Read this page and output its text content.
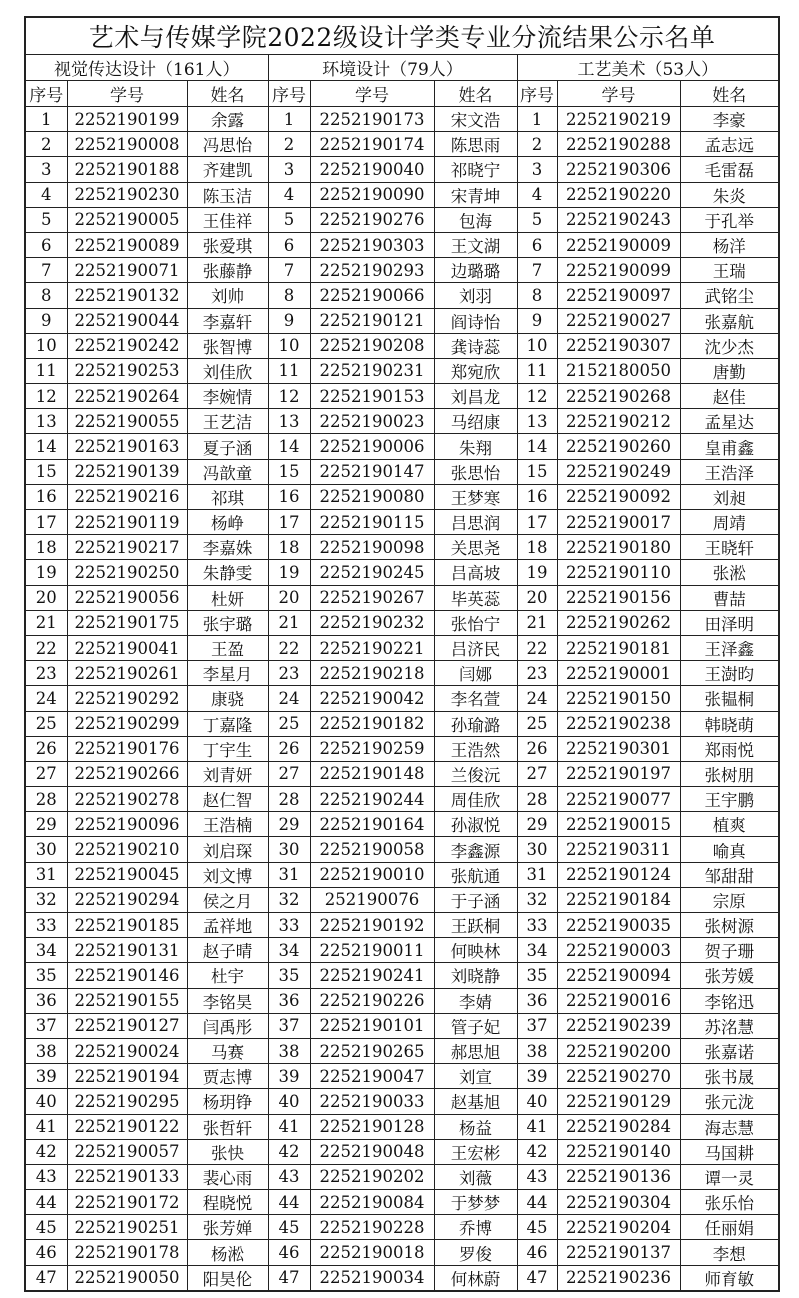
艺术与传媒学院2022级设计学类专业分流结果公示名单								
视觉传达设计（161人）			环境设计（79人）			工艺美术（53人）		
序号	学号	姓名	序号	学号	姓名	序号	学号	姓名
1	2252190199	余露	1	2252190173	宋文浩	1	2252190219	李豪
2	2252190008	冯思怡	2	2252190174	陈思雨	2	2252190288	孟志远
3	2252190188	齐建凯	3	2252190040	祁晓宁	3	2252190306	毛雷磊
4	2252190230	陈玉洁	4	2252190090	宋青坤	4	2252190220	朱炎
5	2252190005	王佳祥	5	2252190276	包海	5	2252190243	于孔举
6	2252190089	张爱琪	6	2252190303	王文湖	6	2252190009	杨洋
7	2252190071	张藤静	7	2252190293	边璐璐	7	2252190099	王瑞
8	2252190132	刘帅	8	2252190066	刘羽	8	2252190097	武铭尘
9	2252190044	李嘉轩	9	2252190121	阎诗怡	9	2252190027	张嘉航
10	2252190242	张智博	10	2252190208	龚诗蕊	10	2252190307	沈少杰
11	2252190253	刘佳欣	11	2252190231	郑宛欣	11	2152180050	唐勤
12	2252190264	李婉情	12	2252190153	刘昌龙	12	2252190268	赵佳
13	2252190055	王艺洁	13	2252190023	马绍康	13	2252190212	孟星达
14	2252190163	夏子涵	14	2252190006	朱翔	14	2252190260	皇甫鑫
15	2252190139	冯歆童	15	2252190147	张思怡	15	2252190249	王浩泽
16	2252190216	祁琪	16	2252190080	王梦寒	16	2252190092	刘昶
17	2252190119	杨峥	17	2252190115	吕思润	17	2252190017	周靖
18	2252190217	李嘉姝	18	2252190098	关思尧	18	2252190180	王晓轩
19	2252190250	朱静雯	19	2252190245	吕高坡	19	2252190110	张淞
20	2252190056	杜妍	20	2252190267	毕英蕊	20	2252190156	曹喆
21	2252190175	张宇璐	21	2252190232	张怡宁	21	2252190262	田泽明
22	2252190041	王盈	22	2252190221	吕济民	22	2252190181	王泽鑫
23	2252190261	李星月	23	2252190218	闫娜	23	2252190001	王澍昀
24	2252190292	康骁	24	2252190042	李名萱	24	2252190150	张韫桐
25	2252190299	丁嘉隆	25	2252190182	孙瑜潞	25	2252190238	韩晓萌
26	2252190176	丁宇生	26	2252190259	王浩然	26	2252190301	郑雨悦
27	2252190266	刘青妍	27	2252190148	兰俊沅	27	2252190197	张树朋
28	2252190278	赵仁智	28	2252190244	周佳欣	28	2252190077	王宇鹏
29	2252190096	王浩楠	29	2252190164	孙淑悦	29	2252190015	植爽
30	2252190210	刘启琛	30	2252190058	李鑫源	30	2252190311	喻真
31	2252190045	刘文博	31	2252190010	张航通	31	2252190124	邹甜甜
32	2252190294	侯之月	32	252190076	于子涵	32	2252190184	宗原
33	2252190185	孟祥地	33	2252190192	王跃桐	33	2252190035	张树源
34	2252190131	赵子晴	34	2252190011	何映林	34	2252190003	贺子珊
35	2252190146	杜宇	35	2252190241	刘晓静	35	2252190094	张芳媛
36	2252190155	李铭昊	36	2252190226	李婧	36	2252190016	李铭迅
37	2252190127	闫禹彤	37	2252190101	管子妃	37	2252190239	苏洺慧
38	2252190024	马赛	38	2252190265	郝思旭	38	2252190200	张嘉诺
39	2252190194	贾志博	39	2252190047	刘宣	39	2252190270	张书晟
40	2252190295	杨玥铮	40	2252190033	赵基旭	40	2252190129	张元泷
41	2252190122	张哲轩	41	2252190128	杨益	41	2252190284	海志慧
42	2252190057	张快	42	2252190048	王宏彬	42	2252190140	马国耕
43	2252190133	裴心雨	43	2252190202	刘薇	43	2252190136	谭一灵
44	2252190172	程晓悦	44	2252190084	于梦梦	44	2252190304	张乐怡
45	2252190251	张芳婵	45	2252190228	乔博	45	2252190204	任丽娟
46	2252190178	杨淞	46	2252190018	罗俊	46	2252190137	李想
47	2252190050	阳昊伦	47	2252190034	何林蔚	47	2252190236	师育敏
